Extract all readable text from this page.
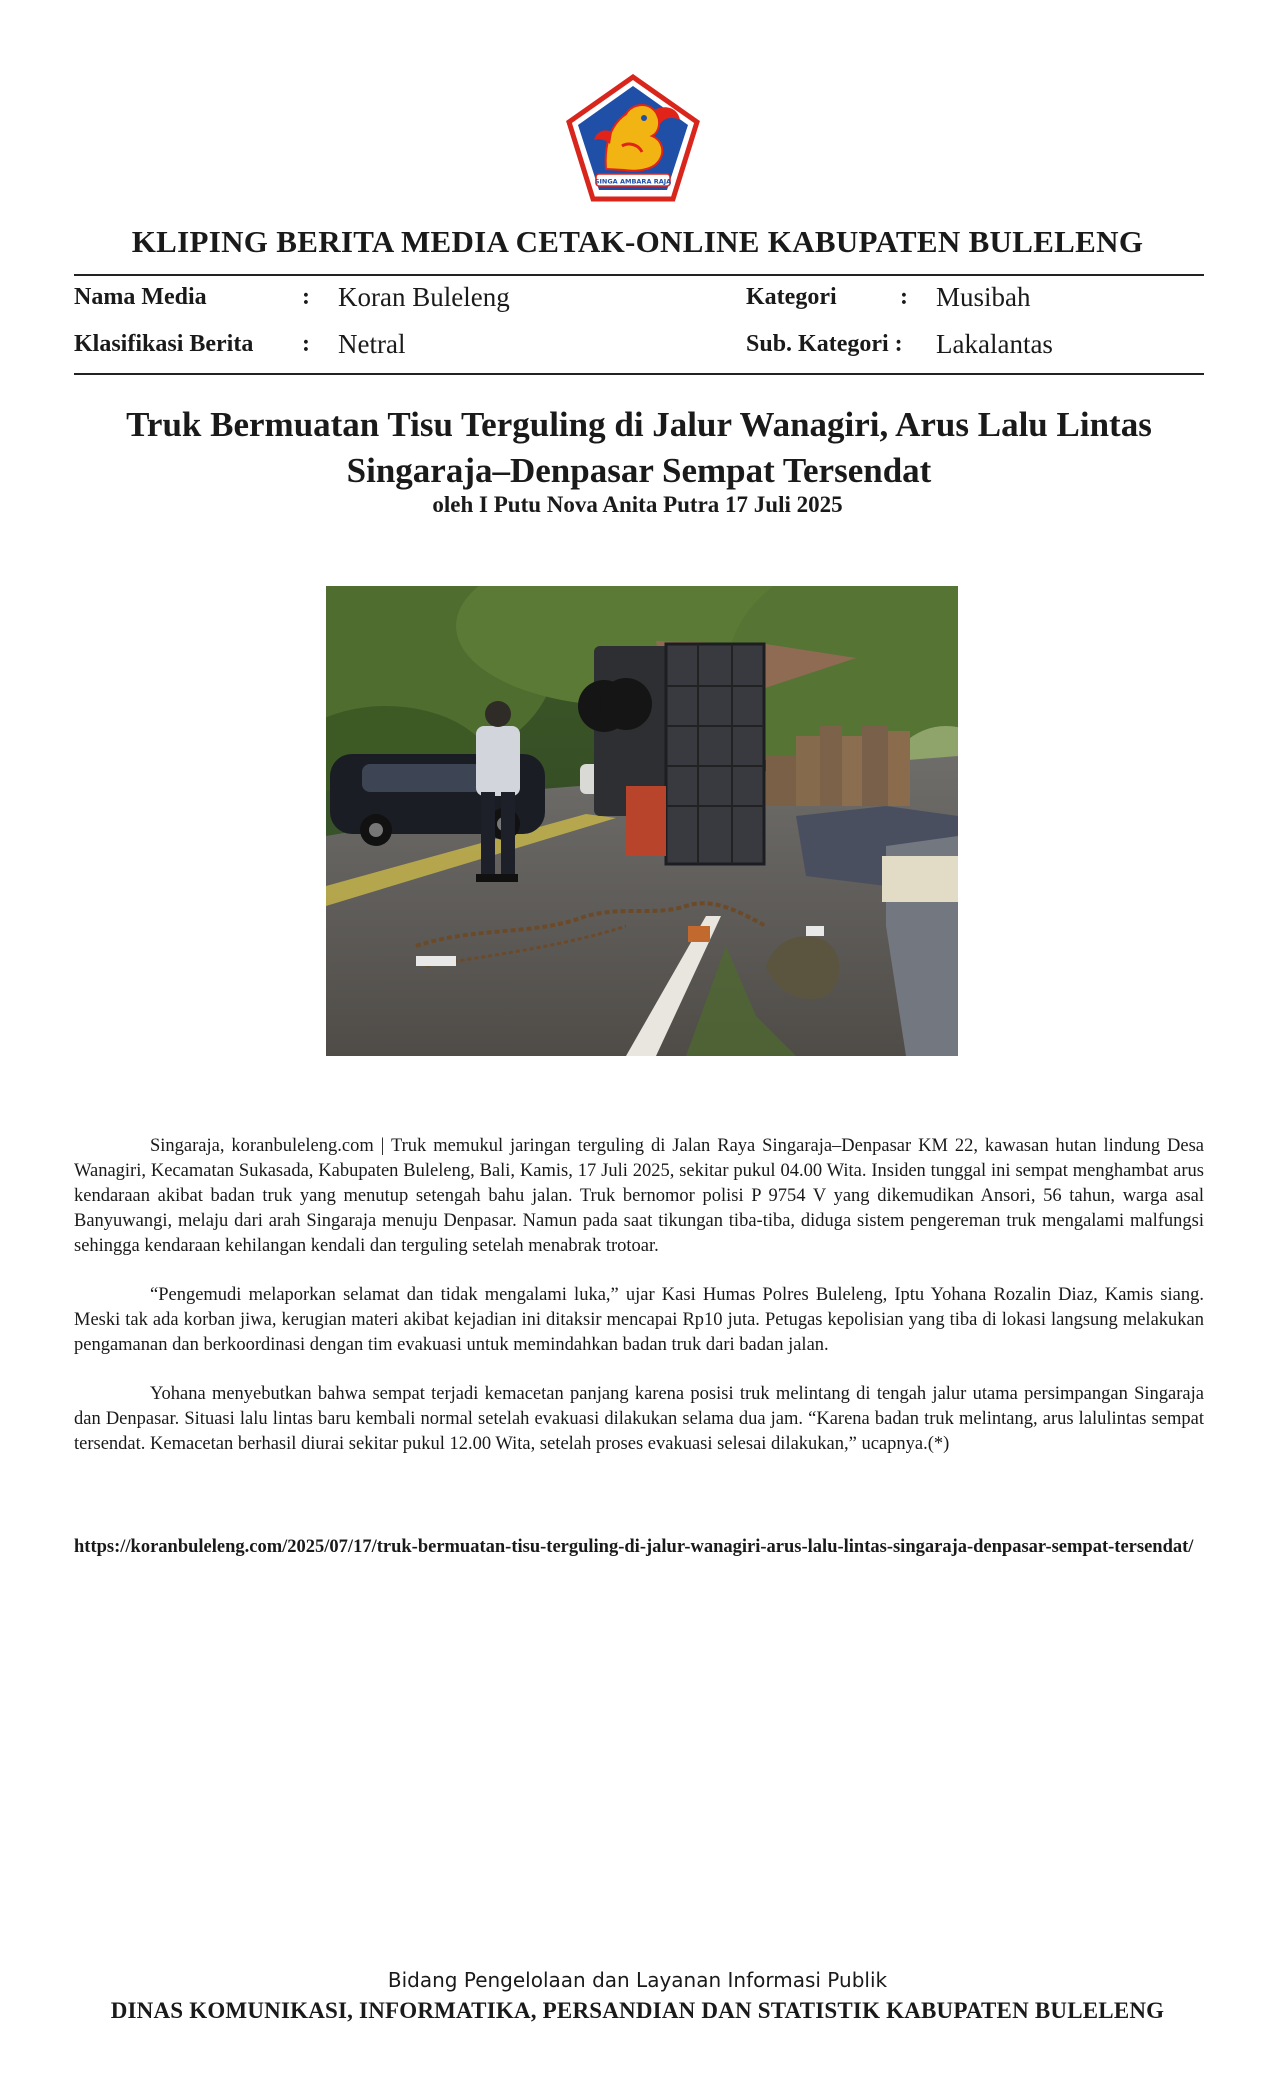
SINGA AMBARA RAJA
KLIPING BERITA MEDIA CETAK-ONLINE KABUPATEN BULELENG
Nama Media	: Koran Buleleng	Kategori	: Musibah
Klasifikasi Berita : Netral	Sub. Kategori : Lakalantas
Truk Bermuatan Tisu Terguling di Jalur Wanagiri, Arus Lalu Lintas
Singaraja–Denpasar Sempat Tersendat
oleh I Putu Nova Anita Putra 17 Juli 2025

Singaraja, koranbuleleng.com | Truk memukul jaringan terguling di Jalan Raya Singaraja–Denpasar KM 22, kawasan hutan lindung Desa Wanagiri, Kecamatan Sukasada, Kabupaten Buleleng, Bali, Kamis, 17 Juli 2025, sekitar pukul 04.00 Wita. Insiden tunggal ini sempat menghambat arus kendaraan akibat badan truk yang menutup setengah bahu jalan. Truk bernomor polisi P 9754 V yang dikemudikan Ansori, 56 tahun, warga asal Banyuwangi, melaju dari arah Singaraja menuju Denpasar. Namun pada saat tikungan tiba-tiba, diduga sistem pengereman truk mengalami malfungsi sehingga kendaraan kehilangan kendali dan terguling setelah menabrak trotoar.

“Pengemudi melaporkan selamat dan tidak mengalami luka,” ujar Kasi Humas Polres Buleleng, Iptu Yohana Rozalin Diaz, Kamis siang. Meski tak ada korban jiwa, kerugian materi akibat kejadian ini ditaksir mencapai Rp10 juta. Petugas kepolisian yang tiba di lokasi langsung melakukan pengamanan dan berkoordinasi dengan tim evakuasi untuk memindahkan badan truk dari badan jalan.

Yohana menyebutkan bahwa sempat terjadi kemacetan panjang karena posisi truk melintang di tengah jalur utama persimpangan Singaraja dan Denpasar. Situasi lalu lintas baru kembali normal setelah evakuasi dilakukan selama dua jam. “Karena badan truk melintang, arus lalulintas sempat tersendat. Kemacetan berhasil diurai sekitar pukul 12.00 Wita, setelah proses evakuasi selesai dilakukan,” ucapnya.(*)

https://koranbuleleng.com/2025/07/17/truk-bermuatan-tisu-terguling-di-jalur-wanagiri-arus-lalu-lintas-singaraja-denpasar-sempat-tersendat/
Bidang Pengelolaan dan Layanan Informasi Publik
DINAS KOMUNIKASI, INFORMATIKA, PERSANDIAN DAN STATISTIK KABUPATEN BULELENG
